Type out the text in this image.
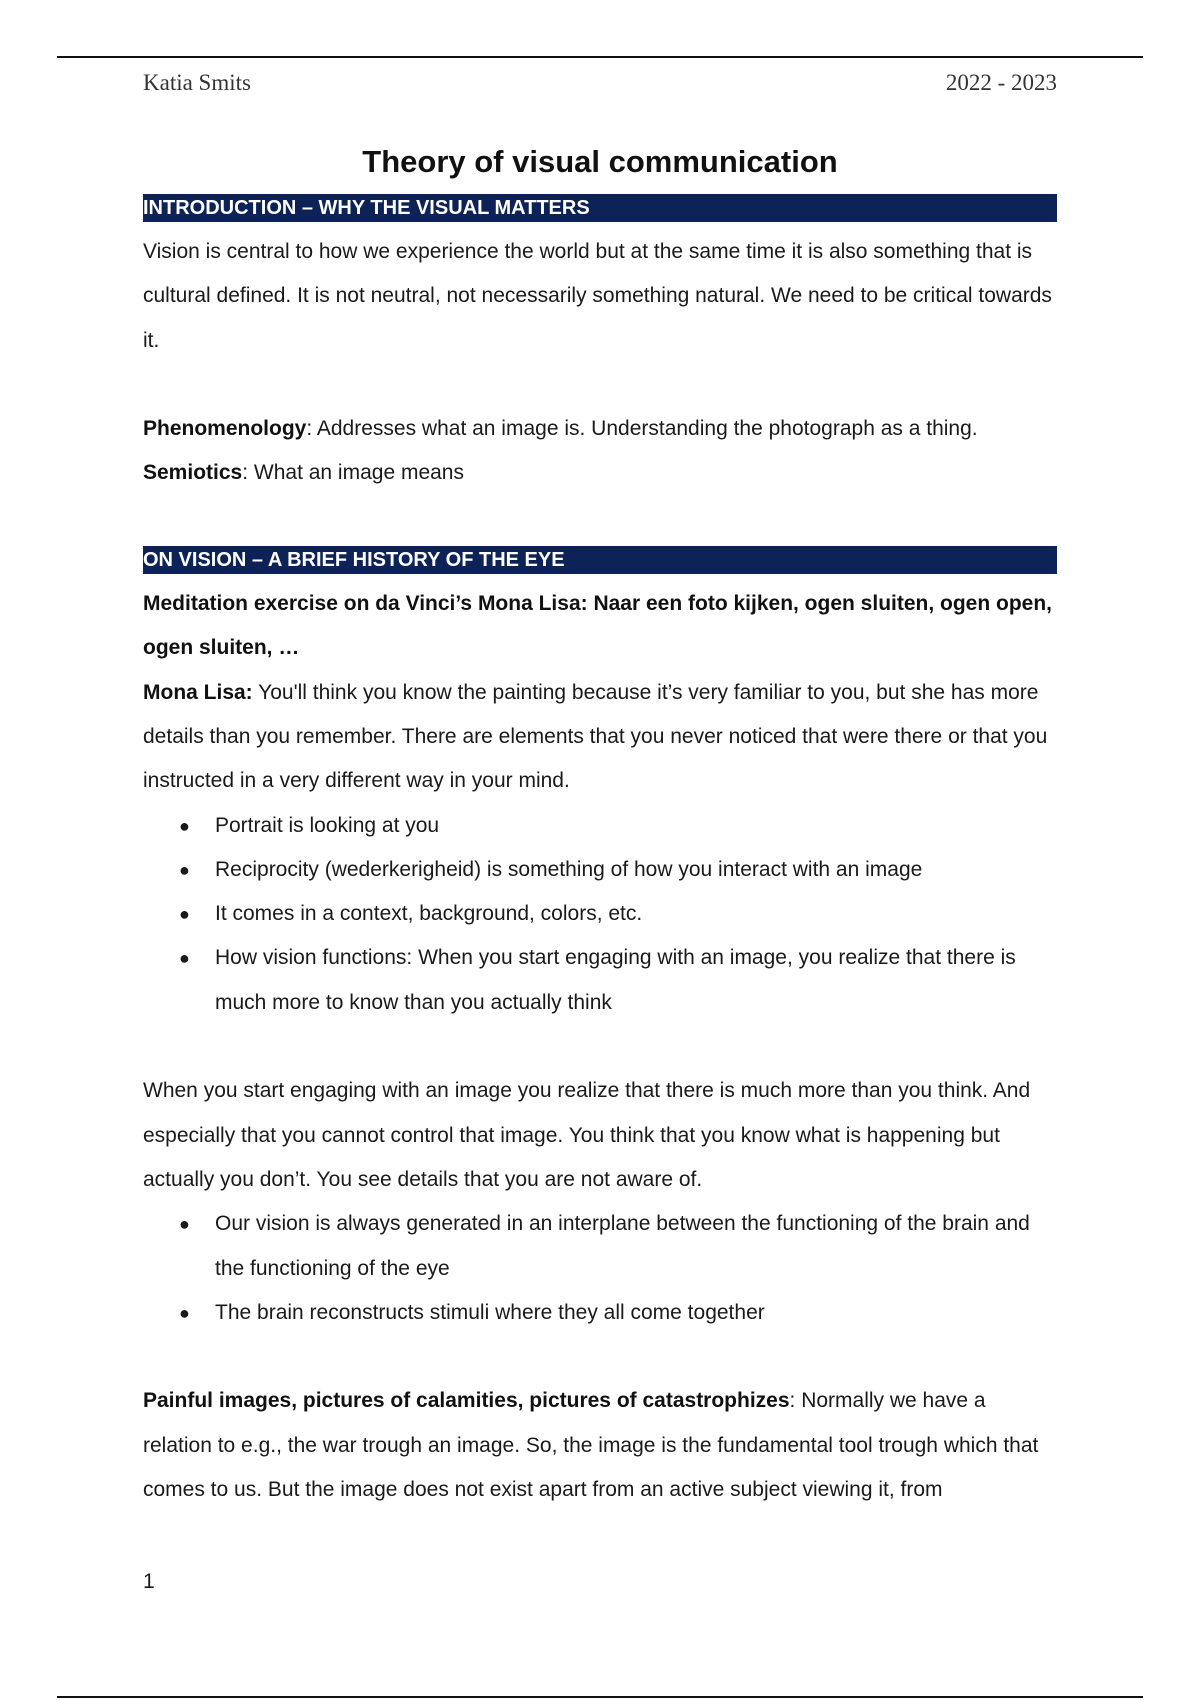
Katia Smits	2022 - 2023
Theory of visual communication
INTRODUCTION – WHY THE VISUAL MATTERS

Vision is central to how we experience the world but at the same time it is also something that is cultural defined. It is not neutral, not necessarily something natural. We need to be critical towards it.

Phenomenology: Addresses what an image is. Understanding the photograph as a thing.

Semiotics: What an image means

ON VISION – A BRIEF HISTORY OF THE EYE

Meditation exercise on da Vinci’s Mona Lisa: Naar een foto kijken, ogen sluiten, ogen open, ogen sluiten, …

Mona Lisa: You'll think you know the painting because it’s very familiar to you, but she has more details than you remember. There are elements that you never noticed that were there or that you instructed in a very different way in your mind.

● Portrait is looking at you
● Reciprocity (wederkerigheid) is something of how you interact with an image
● It comes in a context, background, colors, etc.
● How vision functions: When you start engaging with an image, you realize that there is much more to know than you actually think

When you start engaging with an image you realize that there is much more than you think. And especially that you cannot control that image. You think that you know what is happening but actually you don’t. You see details that you are not aware of.

● Our vision is always generated in an interplane between the functioning of the brain and the functioning of the eye
● The brain reconstructs stimuli where they all come together

Painful images, pictures of calamities, pictures of catastrophizes: Normally we have a relation to e.g., the war trough an image. So, the image is the fundamental tool trough which that comes to us. But the image does not exist apart from an active subject viewing it, from

1
